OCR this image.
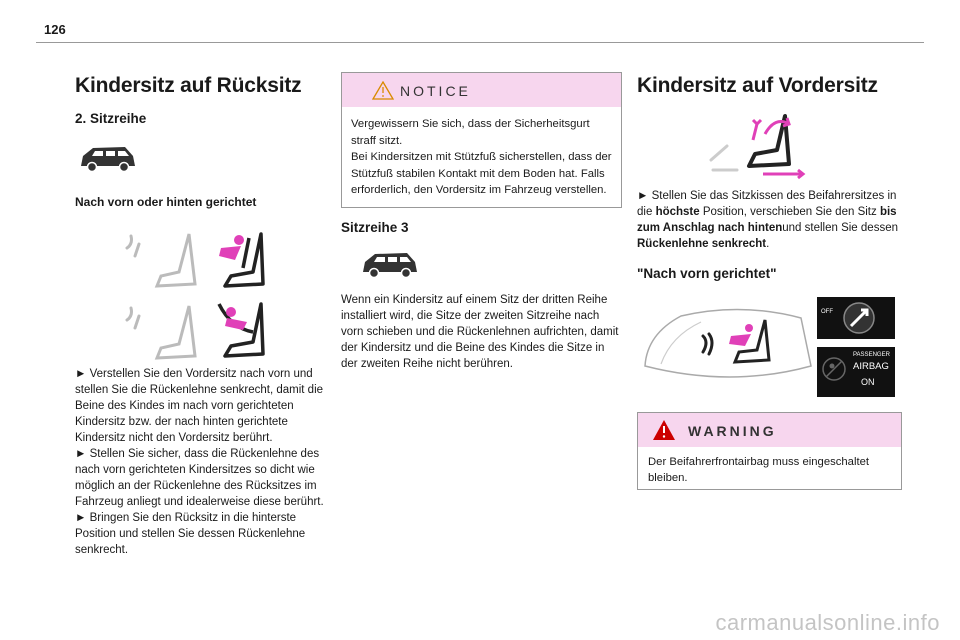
126
Kindersitz auf Rücksitz
2. Sitzreihe
Nach vorn oder hinten gerichtet

► Verstellen Sie den Vordersitz nach vorn und stellen Sie die Rückenlehne senkrecht, damit die Beine des Kindes im nach vorn gerichteten Kindersitz bzw. der nach hinten gerichtete Kindersitz nicht den Vordersitz berührt.

► Stellen Sie sicher, dass die Rückenlehne des nach vorn gerichteten Kindersitzes so dicht wie möglich an der Rückenlehne des Rücksitzes im Fahrzeug anliegt und idealerweise diese berührt.

► Bringen Sie den Rücksitz in die hinterste Position und stellen Sie dessen Rückenlehne senkrecht.

NOTICE
Vergewissern Sie sich, dass der Sicherheitsgurt straff sitzt.
Bei Kindersitzen mit Stützfuß sicherstellen, dass der Stützfuß stabilen Kontakt mit dem Boden hat. Falls erforderlich, den Vordersitz im Fahrzeug verstellen.
Sitzreihe 3

Wenn ein Kindersitz auf einem Sitz der dritten Reihe installiert wird, die Sitze der zweiten Sitzreihe nach vorn schieben und die Rückenlehnen aufrichten, damit der Kindersitz und die Beine des Kindes die Sitze in der zweiten Reihe nicht berühren.

Kindersitz auf Vordersitz

► Stellen Sie das Sitzkissen des Beifahrersitzes in die höchste Position, verschieben Sie den Sitz bis zum Anschlag nach hintenund stellen Sie dessen Rückenlehne senkrecht.

"Nach vorn gerichtet"
OFF
PASSENGER
AIRBAG
ON
WARNING
Der Beifahrerfrontairbag muss eingeschaltet bleiben.
carmanualsonline.info
